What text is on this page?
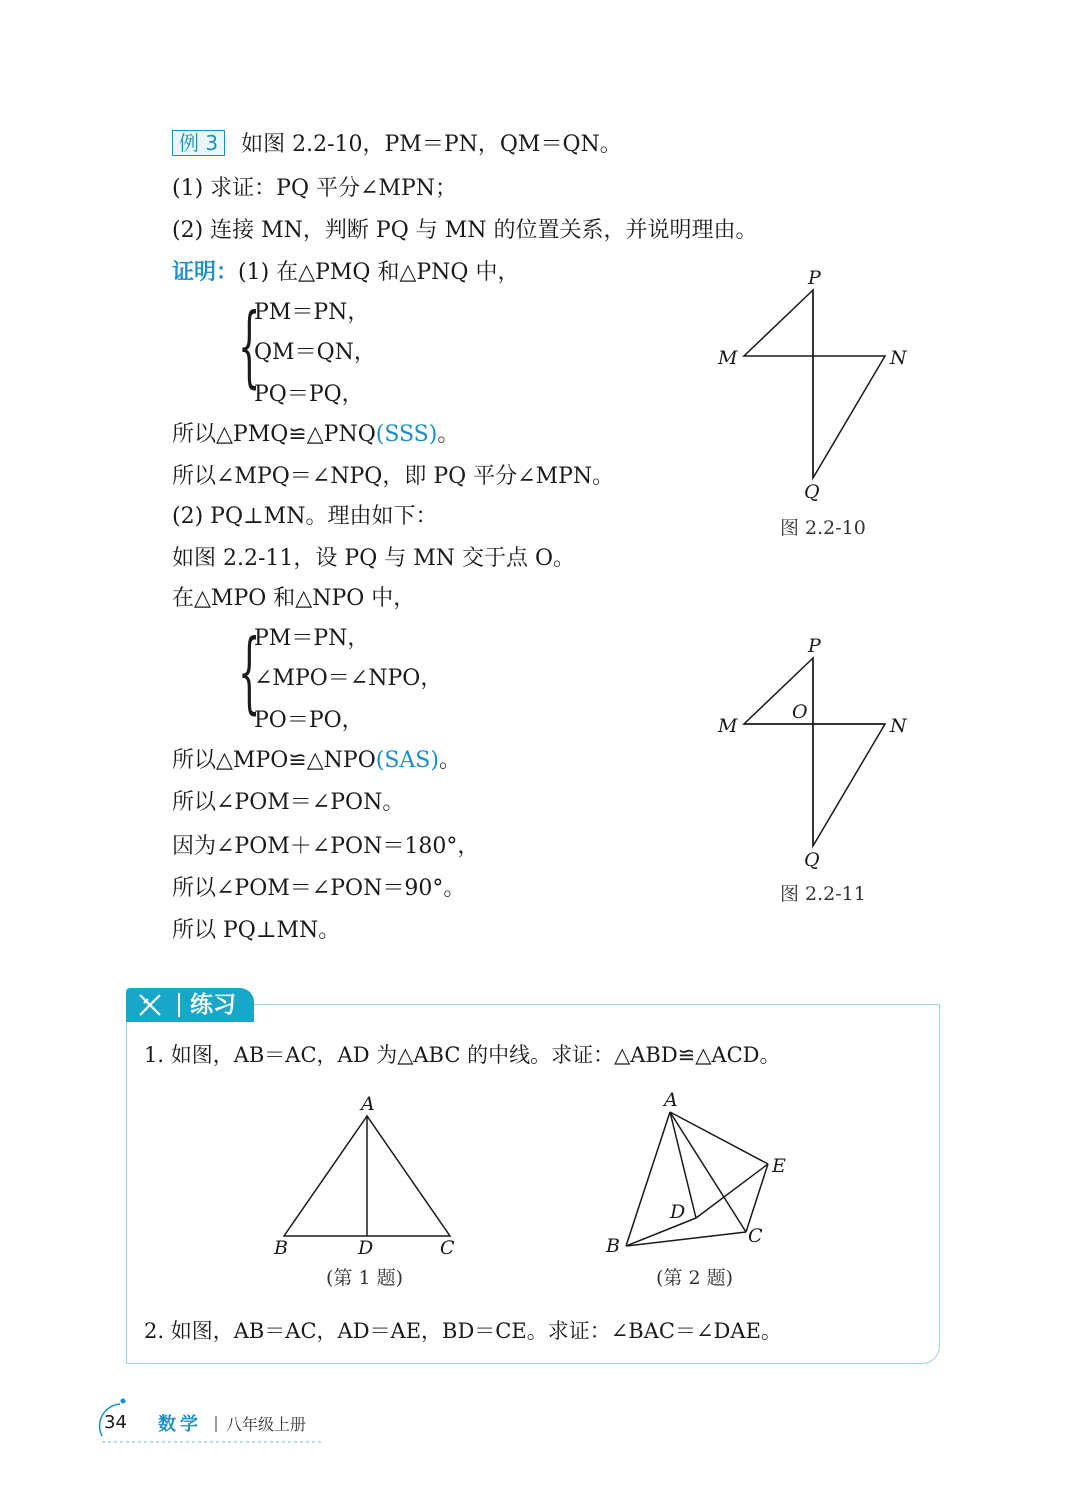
例 3 如图 2.2-10，PM＝PN，QM＝QN。
(1) 求证：PQ 平分∠MPN；
(2) 连接 MN，判断 PQ 与 MN 的位置关系，并说明理由。
证明：(1) 在△PMQ 和△PNQ 中，
{
PM＝PN，
QM＝QN，
PQ＝PQ，
所以△PMQ≌△PNQ(SSS)。
所以∠MPQ＝∠NPQ，即 PQ 平分∠MPN。
(2) PQ⊥MN。理由如下：
如图 2.2-11，设 PQ 与 MN 交于点 O。
在△MPO 和△NPO 中，
{
PM＝PN，
∠MPO＝∠NPO，
PO＝PO，
所以△MPO≌△NPO(SAS)。
所以∠POM＝∠PON。
因为∠POM＋∠PON＝180°，
所以∠POM＝∠PON＝90°。
所以 PQ⊥MN。
P
M	N
Q
图 2.2-10
P
M	N
O
Q
图 2.2-11
练习
1. 如图，AB＝AC，AD 为△ABC 的中线。求证：△ABD≌△ACD。
A
B	D	C
(第 1 题)
A
B	C
D
E
(第 2 题)
2. 如图，AB＝AC，AD＝AE，BD＝CE。求证：∠BAC＝∠DAE。
34 数学 八年级上册
